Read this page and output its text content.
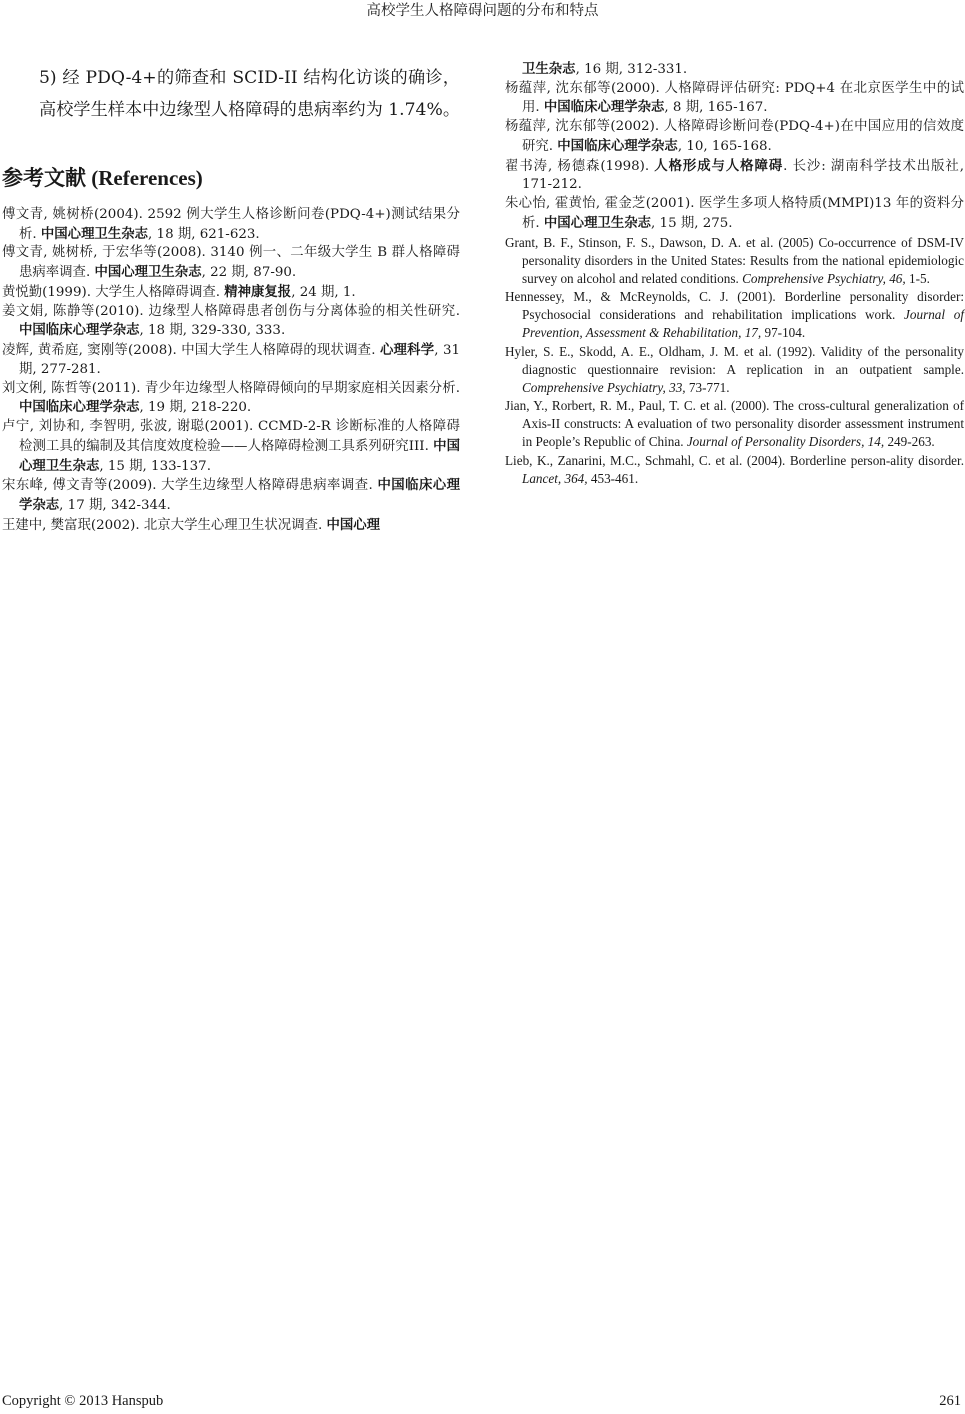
高校学生人格障碍问题的分布和特点

5) 经 PDQ-4+的筛查和 SCID-II 结构化访谈的确诊，高校学生样本中边缘型人格障碍的患病率约为 1.74%。

参考文献 (References)

傅文青, 姚树桥(2004). 2592 例大学生人格诊断问卷(PDQ-4+)测试结果分析. 中国心理卫生杂志, 18 期, 621-623.

傅文青, 姚树桥, 于宏华等(2008). 3140 例一、二年级大学生 B 群人格障碍患病率调查. 中国心理卫生杂志, 22 期, 87-90.

黄悦勤(1999). 大学生人格障碍调查. 精神康复报, 24 期, 1.

姜文娟, 陈静等(2010). 边缘型人格障碍患者创伤与分离体验的相关性研究. 中国临床心理学杂志, 18 期, 329-330, 333.

凌辉, 黄希庭, 窦刚等(2008). 中国大学生人格障碍的现状调查. 心理科学, 31 期, 277-281.

刘文俐, 陈哲等(2011). 青少年边缘型人格障碍倾向的早期家庭相关因素分析. 中国临床心理学杂志, 19 期, 218-220.

卢宁, 刘协和, 李智明, 张波, 谢聪(2001). CCMD-2-R 诊断标准的人格障碍检测工具的编制及其信度效度检验——人格障碍检测工具系列研究III. 中国心理卫生杂志, 15 期, 133-137.

宋东峰, 傅文青等(2009). 大学生边缘型人格障碍患病率调查. 中国临床心理学杂志, 17 期, 342-344.

王建中, 樊富珉(2002). 北京大学生心理卫生状况调查. 中国心理

卫生杂志, 16 期, 312-331.

杨蕴萍, 沈东郁等(2000). 人格障碍评估研究: PDQ+4 在北京医学生中的试用. 中国临床心理学杂志, 8 期, 165-167.

杨蕴萍, 沈东郁等(2002). 人格障碍诊断问卷(PDQ-4+)在中国应用的信效度研究. 中国临床心理学杂志, 10, 165-168.

翟书涛, 杨德森(1998). 人格形成与人格障碍. 长沙: 湖南科学技术出版社, 171-212.

朱心怡, 霍黄怡, 霍金芝(2001). 医学生多项人格特质(MMPI)13 年的资料分析. 中国心理卫生杂志, 15 期, 275.

Grant, B. F., Stinson, F. S., Dawson, D. A. et al. (2005) Co-occurrence of DSM-IV personality disorders in the United States: Results from the national epidemiologic survey on alcohol and related conditions. Comprehensive Psychiatry, 46, 1-5.

Hennessey, M., & McReynolds, C. J. (2001). Borderline personality disorder: Psychosocial considerations and rehabilitation implications work. Journal of Prevention, Assessment & Rehabilitation, 17, 97-104.

Hyler, S. E., Skodd, A. E., Oldham, J. M. et al. (1992). Validity of the personality diagnostic questionnaire revision: A replication in an outpatient sample. Comprehensive Psychiatry, 33, 73-771.

Jian, Y., Rorbert, R. M., Paul, T. C. et al. (2000). The cross-cultural generalization of Axis-II constructs: A evaluation of two personality disorder assessment instrument in People’s Republic of China. Journal of Personality Disorders, 14, 249-263.

Lieb, K., Zanarini, M.C., Schmahl, C. et al. (2004). Borderline person-ality disorder. Lancet, 364, 453-461.

Copyright © 2013 Hanspub	261
